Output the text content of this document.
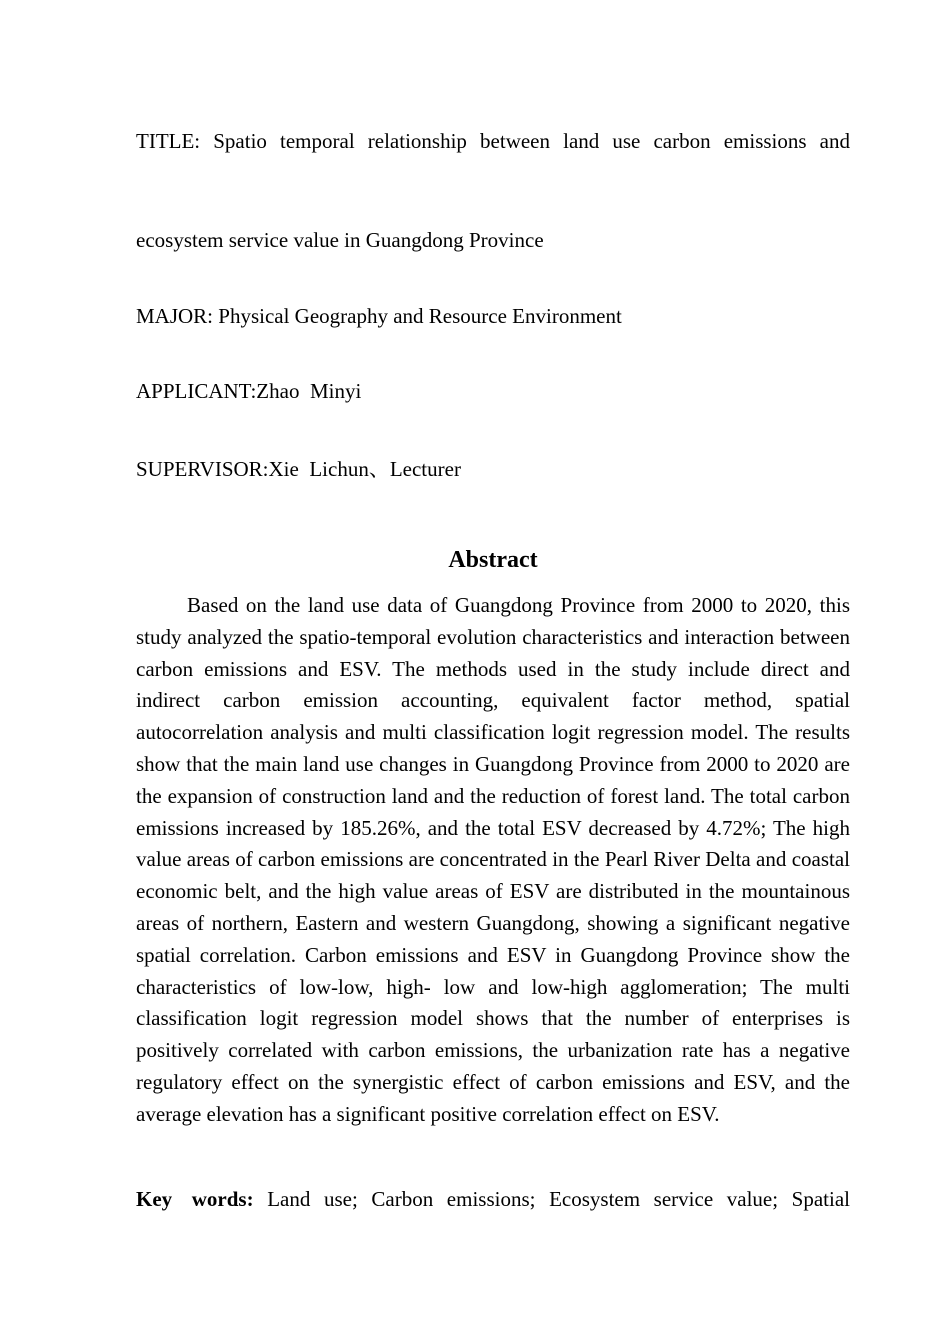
TITLE: Spatio temporal relationship between land use carbon emissions and
ecosystem service value in Guangdong Province
MAJOR: Physical Geography and Resource Environment
APPLICANT:Zhao  Minyi
SUPERVISOR:Xie  Lichun、Lecturer
Abstract

Based on the land use data of Guangdong Province from 2000 to 2020, this study analyzed the spatio-temporal evolution characteristics and interaction between carbon emissions and ESV. The methods used in the study include direct and indirect carbon emission accounting, equivalent factor method, spatial autocorrelation analysis and multi classification logit regression model. The results show that the main land use changes in Guangdong Province from 2000 to 2020 are the expansion of construction land and the reduction of forest land. The total carbon emissions increased by 185.26%, and the total ESV decreased by 4.72%; The high value areas of carbon emissions are concentrated in the Pearl River Delta and coastal economic belt, and the high value areas of ESV are distributed in the mountainous areas of northern, Eastern and western Guangdong, showing a significant negative spatial correlation. Carbon emissions and ESV in Guangdong Province show the characteristics of low-low, high- low and low-high agglomeration; The multi classification logit regression model shows that the number of enterprises is positively correlated with carbon emissions, the urbanization rate has a negative regulatory effect on the synergistic effect of carbon emissions and ESV, and the average elevation has a significant positive correlation effect on ESV.

Key words: Land use; Carbon emissions; Ecosystem service value; Spatial
